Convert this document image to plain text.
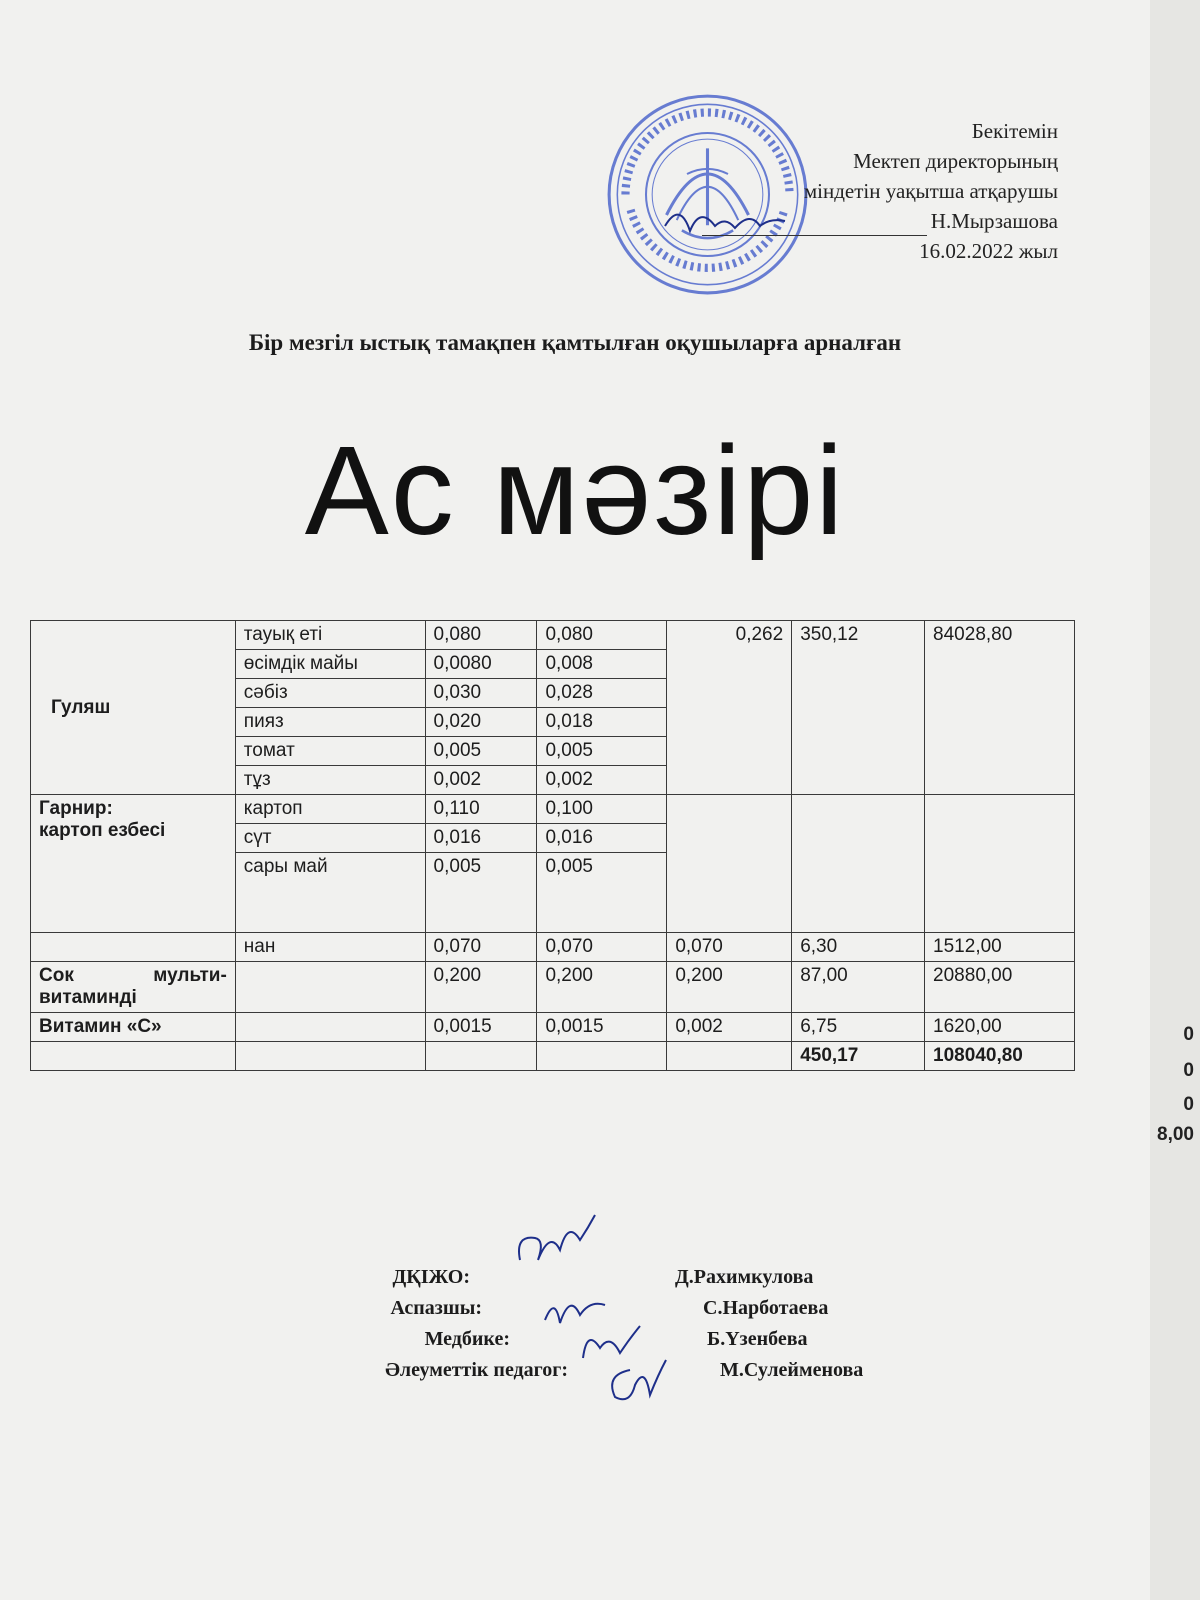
0
0
0
8,00
Бекітемін
Мектеп директорының
міндетін уақытша атқарушы
Н.Мырзашова
16.02.2022 жыл
Бір мезгіл ыстық тамақпен қамтылған оқушыларға арналған
Ас мәзірі
Гуляш	тауық еті	0,080	0,080	0,262	350,12	84028,80
	өсімдік майы	0,0080	0,008			
	сәбіз	0,030	0,028			
	пияз	0,020	0,018			
	томат	0,005	0,005			
	тұз	0,002	0,002			

Гарнир:
картоп езбесі	картоп	0,110	0,100			
	сүт	0,016	0,016			
	сары май	0,005	0,005			
	нан	0,070	0,070	0,070	6,30	1512,00
Сок мульти-витаминді		0,200	0,200	0,200	87,00	20880,00
Витамин «С»		0,0015	0,0015	0,002	6,75	1620,00
					450,17	108040,80
ДҚІЖО:	Д.Рахимкулова
Аспазшы:	С.Нарботаева
Медбике:	Б.Үзенбева
Әлеуметтік педагог:	М.Сулейменова
